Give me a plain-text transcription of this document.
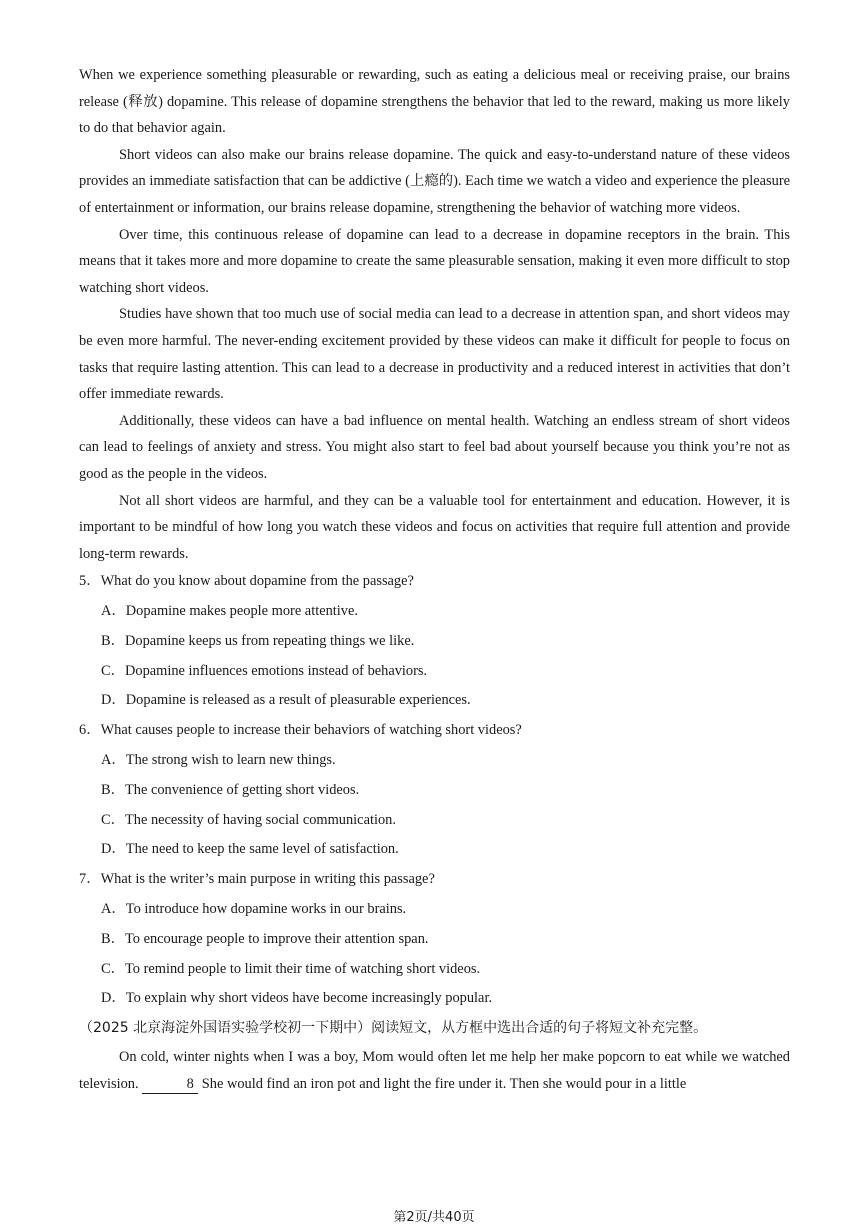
When we experience something pleasurable or rewarding, such as eating a delicious meal or receiving praise, our brains release (释放) dopamine. This release of dopamine strengthens the behavior that led to the reward, making us more likely to do that behavior again.

Short videos can also make our brains release dopamine. The quick and easy-to-understand nature of these videos provides an immediate satisfaction that can be addictive (上瘾的). Each time we watch a video and experience the pleasure of entertainment or information, our brains release dopamine, strengthening the behavior of watching more videos.

Over time, this continuous release of dopamine can lead to a decrease in dopamine receptors in the brain. This means that it takes more and more dopamine to create the same pleasurable sensation, making it even more difficult to stop watching short videos.

Studies have shown that too much use of social media can lead to a decrease in attention span, and short videos may be even more harmful. The never-ending excitement provided by these videos can make it difficult for people to focus on tasks that require lasting attention. This can lead to a decrease in productivity and a reduced interest in activities that don’t offer immediate rewards.

Additionally, these videos can have a bad influence on mental health. Watching an endless stream of short videos can lead to feelings of anxiety and stress. You might also start to feel bad about yourself because you think you’re not as good as the people in the videos.

Not all short videos are harmful, and they can be a valuable tool for entertainment and education. However, it is important to be mindful of how long you watch these videos and focus on activities that require full attention and provide long-term rewards.

5．What do you know about dopamine from the passage?

A．Dopamine makes people more attentive.

B．Dopamine keeps us from repeating things we like.

C．Dopamine influences emotions instead of behaviors.

D．Dopamine is released as a result of pleasurable experiences.

6．What causes people to increase their behaviors of watching short videos?

A．The strong wish to learn new things.

B．The convenience of getting short videos.

C．The necessity of having social communication.

D．The need to keep the same level of satisfaction.

7．What is the writer’s main purpose in writing this passage?

A．To introduce how dopamine works in our brains.

B．To encourage people to improve their attention span.

C．To remind people to limit their time of watching short videos.

D．To explain why short videos have become increasingly popular.

（2025 北京海淀外国语实验学校初一下期中）阅读短文，从方框中选出合适的句子将短文补充完整。

On cold, winter nights when I was a boy, Mom would often let me help her make popcorn to eat while we watched television.	8 She would find an iron pot and light the fire under it. Then she would pour in a little

第2页/共40页
